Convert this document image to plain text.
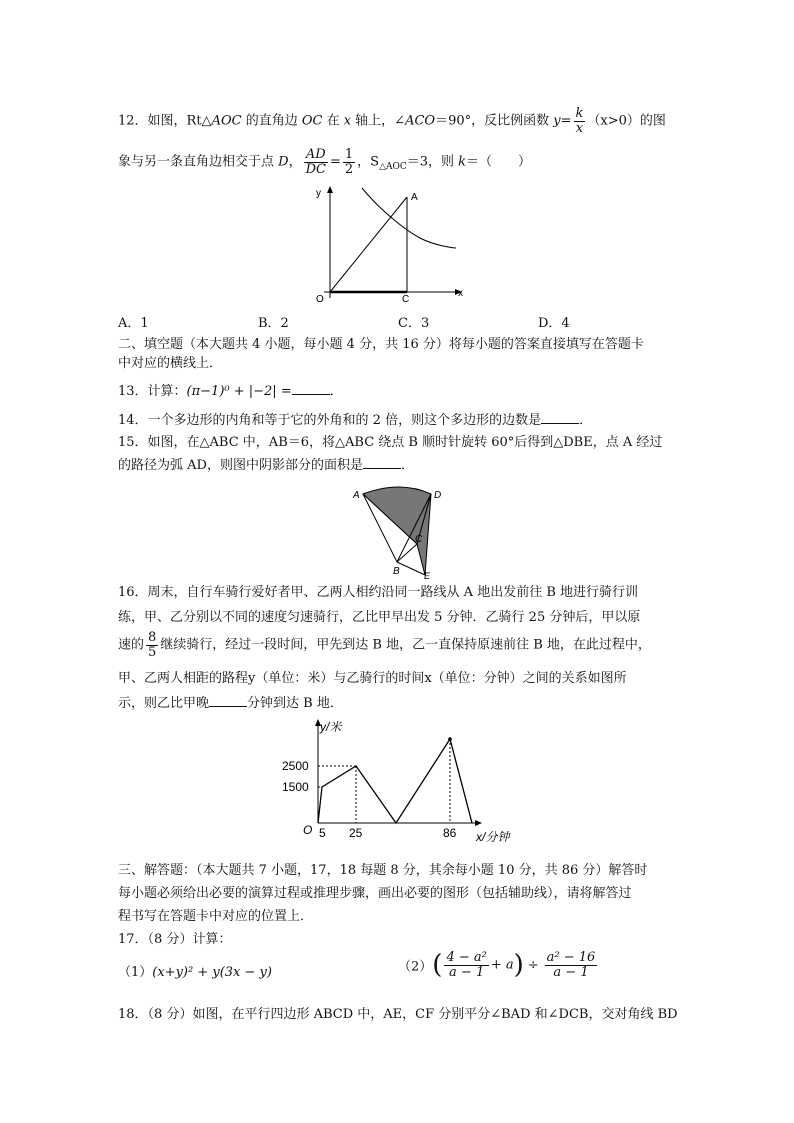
12．如图，Rt△AOC 的直角边 OC 在 x 轴上，∠ACO＝90°，反比例函数 $y= \frac{k}{x} (x>0)$的图
象与另一条直角边相交于点 D， $\frac{AD}{DC} = \frac{1}{2}$ ，$S_{\triangle AOC}=3$，则 k＝（　　）
y
x
O	C
A
A．1	B．2	C．3	D．4
二、填空题（本大题共 4 小题，每小题 4 分，共 16 分）将每小题的答案直接填写在答题卡
中对应的横线上．
13．计算：(π−1)⁰ + |−2| =	．
14．一个多边形的内角和等于它的外角和的 2 倍，则这个多边形的边数是	．
15．如图，在△ABC 中，AB＝6，将△ABC 绕点 B 顺时针旋转 60°后得到△DBE，点 A 经过
的路径为弧 AD，则图中阴影部分的面积是	．
A	D
C
B	E
16．周末，自行车骑行爱好者甲、乙两人相约沿同一路线从 A 地出发前往 B 地进行骑行训
练，甲、乙分别以不同的速度匀速骑行，乙比甲早出发 5 分钟．乙骑行 25 分钟后，甲以原
速的 $\frac{8}{5}$ 继续骑行，经过一段时间，甲先到达 B 地，乙一直保持原速前往 B 地，在此过程中，
甲、乙两人相距的路程y（单位：米）与乙骑行的时间x（单位：分钟）之间的关系如图所
示，则乙比甲晚	分钟到达 B 地．
y/米
x/分钟
O
2500
1500
5 25	86
三、解答题：（本大题共 7 小题，17，18 每题 8 分，其余每小题 10 分，共 86 分）解答时
每小题必须给出必要的演算过程或推理步骤，画出必要的图形（包括辅助线），请将解答过
程书写在答题卡中对应的位置上．
17．（8 分）计算：
（1）(x+y)² + y(3x − y)	$(2)( \frac{\text{4 − a²}}{a - 1} + a) \div \frac{\text{a² − 16}}{a - 1}$
18．（8 分）如图，在平行四边形 ABCD 中，AE，CF 分别平分∠BAD 和∠DCB，交对角线 BD
